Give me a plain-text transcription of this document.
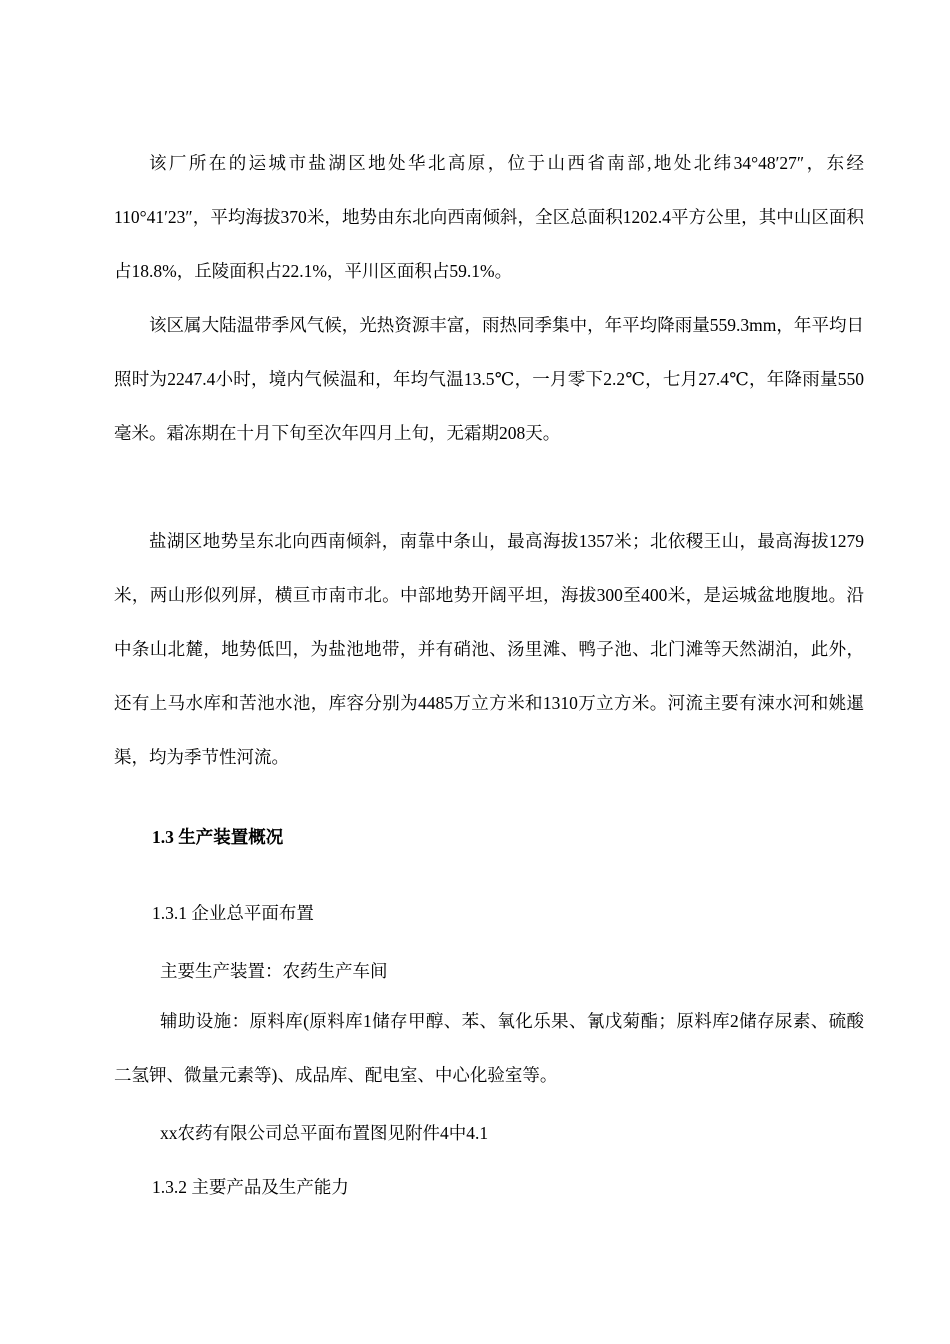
该厂所在的运城市盐湖区地处华北高原，位于山西省南部,地处北纬34°48′27″，东经110°41′23″，平均海拔370米，地势由东北向西南倾斜，全区总面积1202.4平方公里，其中山区面积占18.8%，丘陵面积占22.1%，平川区面积占59.1%。

该区属大陆温带季风气候，光热资源丰富，雨热同季集中，年平均降雨量559.3mm，年平均日照时为2247.4小时，境内气候温和，年均气温13.5℃，一月零下2.2℃，七月27.4℃，年降雨量550毫米。霜冻期在十月下旬至次年四月上旬，无霜期208天。

盐湖区地势呈东北向西南倾斜，南靠中条山，最高海拔1357米；北依稷王山，最高海拔1279米，两山形似列屏，横亘市南市北。中部地势开阔平坦，海拔300至400米，是运城盆地腹地。沿中条山北麓，地势低凹，为盐池地带，并有硝池、汤里滩、鸭子池、北门滩等天然湖泊，此外，还有上马水库和苦池水池，库容分别为4485万立方米和1310万立方米。河流主要有涑水河和姚暹渠，均为季节性河流。

1.3 生产装置概况

1.3.1 企业总平面布置

主要生产装置：农药生产车间

辅助设施：原料库(原料库1储存甲醇、苯、氧化乐果、氰戊菊酯；原料库2储存尿素、硫酸二氢钾、微量元素等)、成品库、配电室、中心化验室等。

xx农药有限公司总平面布置图见附件4中4.1

1.3.2 主要产品及生产能力
